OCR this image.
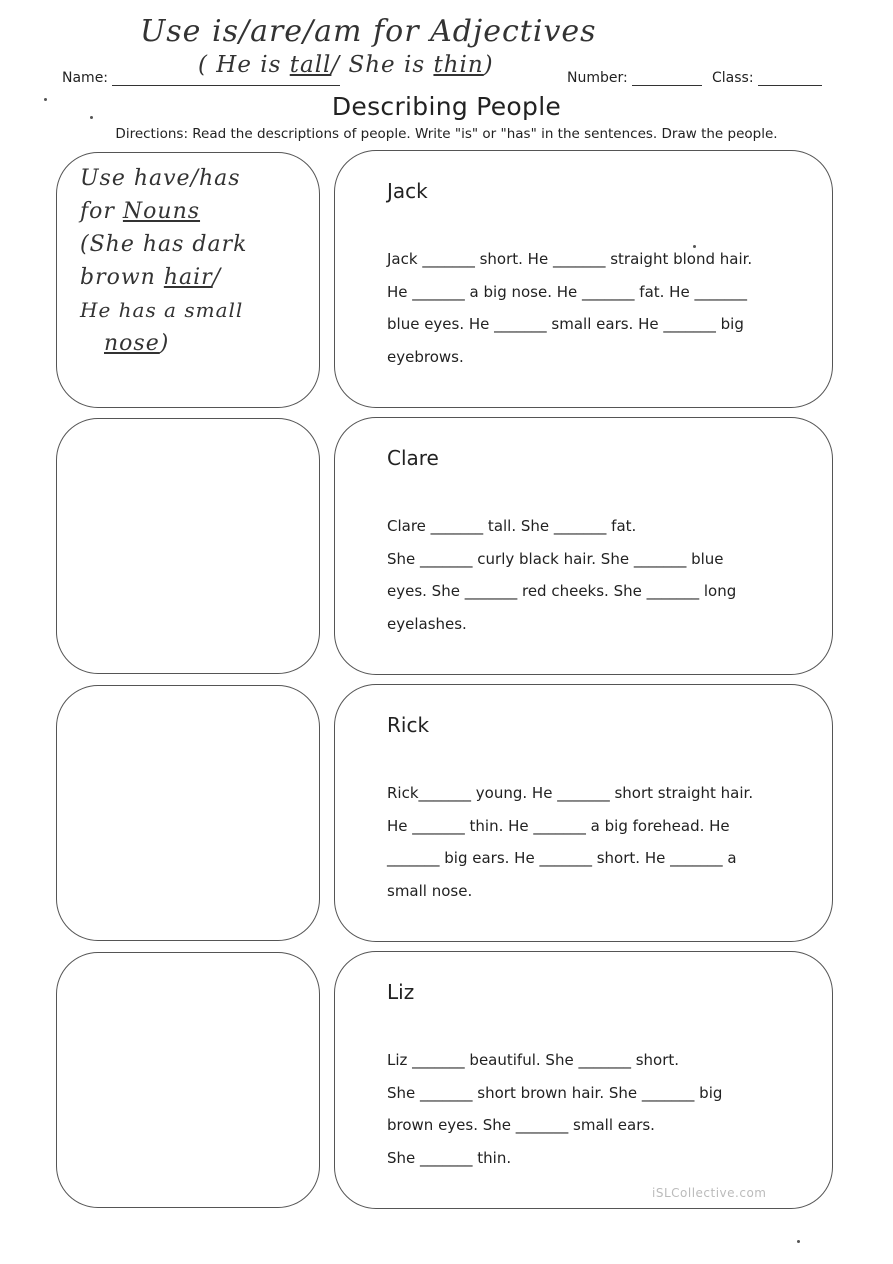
Use is/are/am for Adjectives
( He is tall/ She is thin)
Name:	Number:	Class:
Describing People
Directions: Read the descriptions of people. Write "is" or "has" in the sentences. Draw the people.
Use have/has
for Nouns
(She has dark
brown hair/
He has a small
nose)
Jack
Jack _______ short. He _______ straight blond hair.
He _______ a big nose. He _______ fat. He _______
blue eyes. He _______ small ears. He _______ big
eyebrows.
Clare
Clare _______ tall. She _______ fat.
She _______ curly black hair. She _______ blue
eyes. She _______ red cheeks. She _______ long
eyelashes.
Rick
Rick_______ young. He _______ short straight hair.
He _______ thin. He _______ a big forehead. He
_______ big ears. He _______ short. He _______ a
small nose.
Liz
Liz _______ beautiful. She _______ short.
She _______ short brown hair. She _______ big
brown eyes. She _______ small ears.
She _______ thin.
iSLCollective.com
